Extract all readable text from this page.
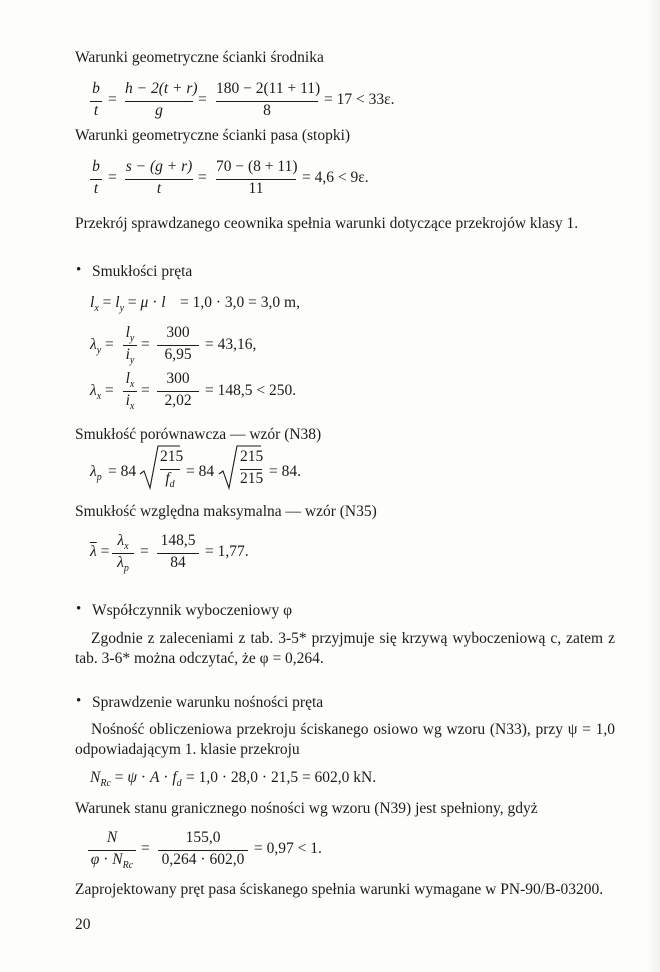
Warunki geometryczne ścianki środnika
b
t
=
h − 2(t + r)
g
=
180 − 2(11 + 11)
8
= 17 < 33ε.
Warunki geometryczne ścianki pasa (stopki)
b
t
=
s − (g + r)
t
=
70 − (8 + 11)
11
= 4,6 < 9ε.
Przekrój sprawdzanego ceownika spełnia warunki dotyczące przekrojów klasy 1.
• Smukłości pręta
$l_x = l_y = \mu \cdot l = 1,0 \cdot 3,0 = 3,0$ m,
$\lambda_y$ =
$l_y$
$i_y$
=
300
6,95
= 43,16,
$\lambda_x$ =
$l_x$
$i_x$
=
300
2,02
= 148,5 < 250.
Smukłość porównawcza — wzór (N38)
$\lambda_p = 84$
215
$f_d$
= 84
215
215 = 84.
Smukłość względna maksymalna — wzór (N35)
$\overline{\lambda}$ =
$\lambda_x$
$\lambda_p$
=
148,5
84
= 1,77.
• Współczynnik wyboczeniowy φ
Zgodnie z zaleceniami z tab. 3-5* przyjmuje się krzywą wyboczeniową c, zatem z tab. 3-6* można odczytać, że φ = 0,264.
• Sprawdzenie warunku nośności pręta
Nośność obliczeniowa przekroju ściskanego osiowo wg wzoru (N33), przy ψ = 1,0 odpowiadającym 1. klasie przekroju
$N_{Rc} = \psi \cdot A \cdot f_d = 1,0 \cdot 28,0 \cdot 21,5 = 602,0$ kN.
Warunek stanu granicznego nośności wg wzoru (N39) jest spełniony, gdyż
N
$\varphi \cdot N_{Rc}$
=
155,0
0,264 · 602,0
= 0,97 < 1.
Zaprojektowany pręt pasa ściskanego spełnia warunki wymagane w PN-90/B-03200.
20
